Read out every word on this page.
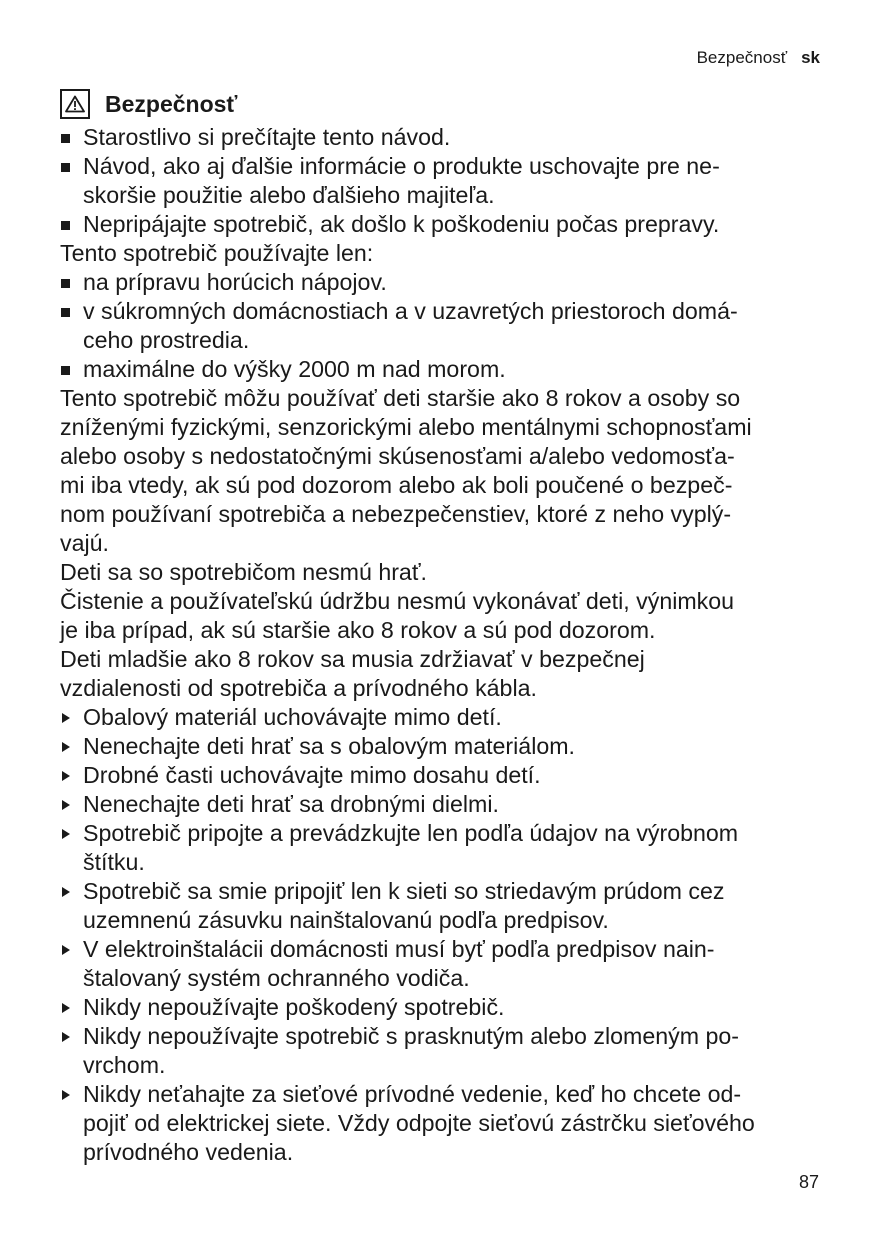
Bezpečnosť sk
Bezpečnosť
Starostlivo si prečítajte tento návod.
Návod, ako aj ďalšie informácie o produkte uschovajte pre ne-
skoršie použitie alebo ďalšieho majiteľa.
Nepripájajte spotrebič, ak došlo k poškodeniu počas prepravy.

Tento spotrebič používajte len:

na prípravu horúcich nápojov.
v súkromných domácnostiach a v uzavretých priestoroch domá-
ceho prostredia.
maximálne do výšky 2000 m nad morom.
Tento spotrebič môžu používať deti staršie ako 8 rokov a osoby so
zníženými fyzickými, senzorickými alebo mentálnymi schopnosťami
alebo osoby s nedostatočnými skúsenosťami a/alebo vedomosťa-
mi iba vtedy, ak sú pod dozorom alebo ak boli poučené o bezpeč-
nom používaní spotrebiča a nebezpečenstiev, ktoré z neho vyplý-
vajú.
Deti sa so spotrebičom nesmú hrať.
Čistenie a používateľskú údržbu nesmú vykonávať deti, výnimkou
je iba prípad, ak sú staršie ako 8 rokov a sú pod dozorom.
Deti mladšie ako 8 rokov sa musia zdržiavať v bezpečnej
vzdialenosti od spotrebiča a prívodného kábla.
Obalový materiál uchovávajte mimo detí.
Nenechajte deti hrať sa s obalovým materiálom.
Drobné časti uchovávajte mimo dosahu detí.
Nenechajte deti hrať sa drobnými dielmi.
Spotrebič pripojte a prevádzkujte len podľa údajov na výrobnom
štítku.
Spotrebič sa smie pripojiť len k sieti so striedavým prúdom cez
uzemnenú zásuvku nainštalovanú podľa predpisov.
V elektroinštalácii domácnosti musí byť podľa predpisov nain-
štalovaný systém ochranného vodiča.
Nikdy nepoužívajte poškodený spotrebič.
Nikdy nepoužívajte spotrebič s prasknutým alebo zlomeným po-
vrchom.
Nikdy neťahajte za sieťové prívodné vedenie, keď ho chcete od-
pojiť od elektrickej siete. Vždy odpojte sieťovú zástrčku sieťového
prívodného vedenia.
87
